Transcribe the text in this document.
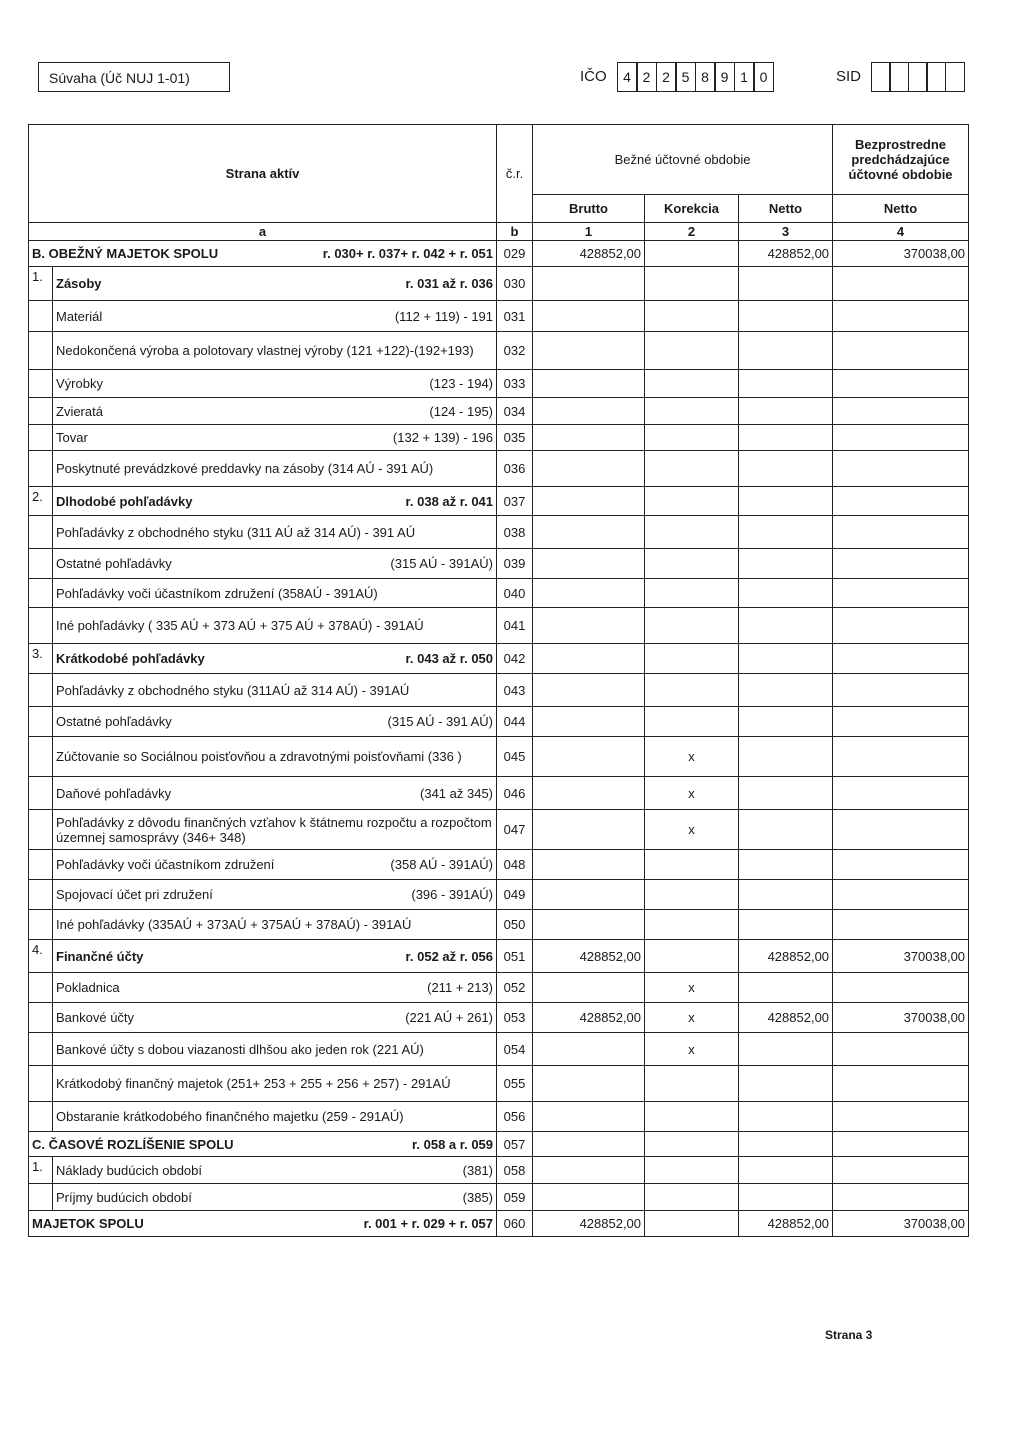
Súvaha (Úč NUJ 1-01)	IČO	4 2 2 5 8 9 1 0	SID
Strana aktív		č.r.	Bežné účtovné obdobie			Bezprostredne predchádzajúce účtovné obdobie
			Brutto	Korekcia	Netto	Netto
a		b	1	2	3	4

B. OBEŽNÝ MAJETOK SPOLU r. 030+ r. 037+ r. 042 + r. 051		029	428852,00		428852,00	370038,00
1.	Zásoby r. 031 až r. 036	030				

	Materiál (112 + 119) - 191	031				

	Nedokončená výroba a polotovary vlastnej výroby (121 +122)-(192+193)	032				

	Výrobky (123 - 194)	033				

	Zvieratá (124 - 195)	034				

	Tovar (132 + 139) - 196	035				

	Poskytnuté prevádzkové preddavky na zásoby (314 AÚ - 391 AÚ)	036				
2.	Dlhodobé pohľadávky r. 038 až r. 041	037				

	Pohľadávky z obchodného styku (311 AÚ až 314 AÚ) - 391 AÚ	038				

	Ostatné pohľadávky (315 AÚ - 391AÚ)	039				

	Pohľadávky voči účastníkom združení (358AÚ - 391AÚ)	040				

	Iné pohľadávky ( 335 AÚ + 373 AÚ + 375 AÚ + 378AÚ) - 391AÚ	041				
3.	Krátkodobé pohľadávky r. 043 až r. 050	042				

	Pohľadávky z obchodného styku (311AÚ až 314 AÚ) - 391AÚ	043				

	Ostatné pohľadávky (315 AÚ - 391 AÚ)	044				

	Zúčtovanie so Sociálnou poisťovňou a zdravotnými poisťovňami (336 )	045		x		

	Daňové pohľadávky (341 až 345)	046		x		

	Pohľadávky z dôvodu finančných vzťahov k štátnemu rozpočtu a rozpočtom územnej samosprávy (346+ 348)	047		x		

	Pohľadávky voči účastníkom združení (358 AÚ - 391AÚ)	048				

	Spojovací účet pri združení (396 - 391AÚ)	049				

	Iné pohľadávky (335AÚ + 373AÚ + 375AÚ + 378AÚ) - 391AÚ	050				
4.	Finančné účty r. 052 až r. 056	051	428852,00		428852,00	370038,00

	Pokladnica (211 + 213)	052		x		

	Bankové účty (221 AÚ + 261)	053	428852,00	x	428852,00	370038,00

	Bankové účty s dobou viazanosti dlhšou ako jeden rok (221 AÚ)	054		x		

	Krátkodobý finančný majetok (251+ 253 + 255 + 256 + 257) - 291AÚ	055				

	Obstaranie krátkodobého finančného majetku (259 - 291AÚ)	056				

C. ČASOVÉ ROZLÍŠENIE SPOLU r. 058 a r. 059		057				
1.	Náklady budúcich období (381)	058				

	Príjmy budúcich období (385)	059				

MAJETOK SPOLU r. 001 + r. 029 + r. 057		060	428852,00		428852,00	370038,00
Strana 3
